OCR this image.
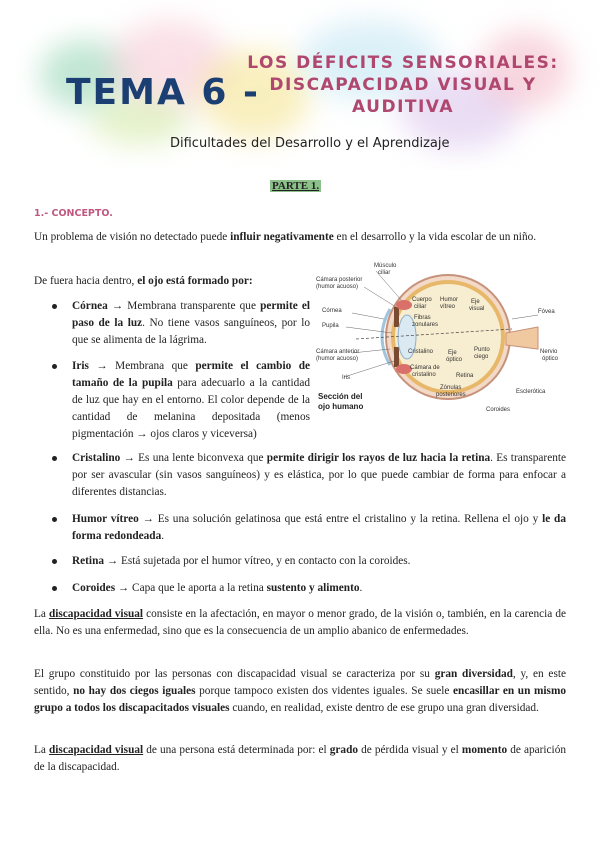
TEMA 6 -
LOS DÉFICITS SENSORIALES:
DISCAPACIDAD VISUAL Y
AUDITIVA
Dificultades del Desarrollo y el Aprendizaje
PARTE 1.
1.- CONCEPTO.
Un problema de visión no detectado puede influir negativamente en el desarrollo y la vida escolar de un niño.
De fuera hacia dentro, el ojo está formado por:
Córnea → Membrana transparente que permite el paso de la luz. No tiene vasos sanguíneos, por lo que se alimenta de la lágrima.
Iris → Membrana que permite el cambio de tamaño de la pupila para adecuarlo a la cantidad de luz que hay en el entorno. El color depende de la cantidad de melanina depositada (menos pigmentación → ojos claros y viceversa)
Cristalino → Es una lente biconvexa que permite dirigir los rayos de luz hacia la retina. Es transparente por ser avascular (sin vasos sanguíneos) y es elástica, por lo que puede cambiar de forma para enfocar a diferentes distancias.
Humor vítreo → Es una solución gelatinosa que está entre el cristalino y la retina. Rellena el ojo y le da forma redondeada.
Retina → Está sujetada por el humor vítreo, y en contacto con la coroides.
Coroides → Capa que le aporta a la retina sustento y alimento.
La discapacidad visual consiste en la afectación, en mayor o menor grado, de la visión o, también, en la carencia de ella. No es una enfermedad, sino que es la consecuencia de un amplio abanico de enfermedades.
El grupo constituido por las personas con discapacidad visual se caracteriza por su gran diversidad, y, en este sentido, no hay dos ciegos iguales porque tampoco existen dos videntes iguales. Se suele encasillar en un mismo grupo a todos los discapacitados visuales cuando, en realidad, existe dentro de ese grupo una gran diversidad.
La discapacidad visual de una persona está determinada por: el grado de pérdida visual y el momento de aparición de la discapacidad.
Músculo ciliar
Cámara posterior (humor acuoso)
Córnea
Pupila
Cámara anterior (humor acuoso)
Iris
Cuerpo ciliar
Humor vítreo
Eje visual
Fibras zonulares
Cristalino	Eje óptico
Cámara de cristalino
Punto ciego
Zónulas posteriores
Retina
Fóvea
Nervio óptico
Esclerótica
Coroides
Sección del ojo humano
